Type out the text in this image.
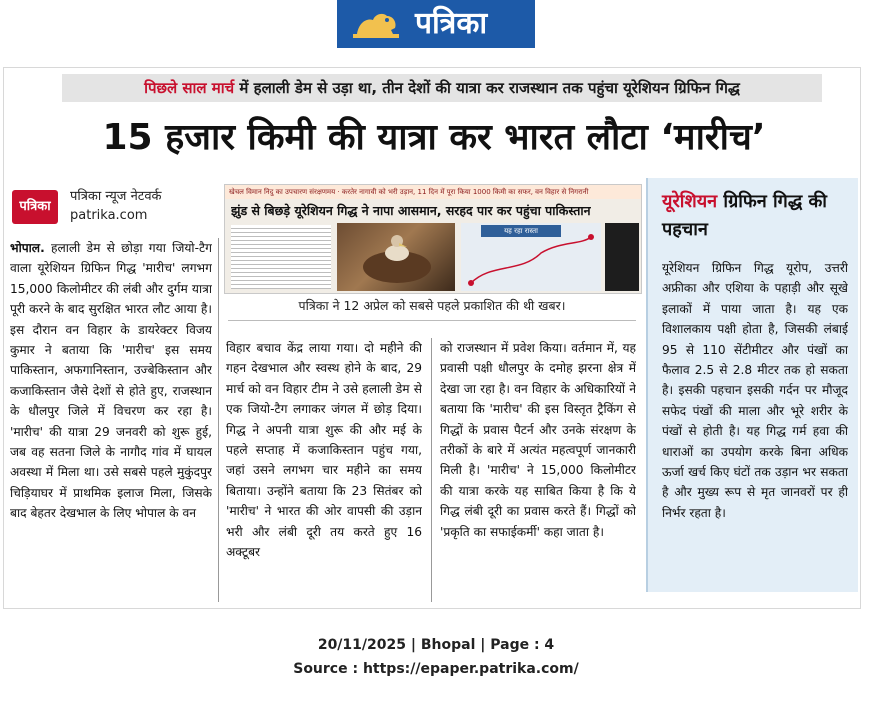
पत्रिका
पिछले साल मार्च में हलाली डेम से उड़ा था, तीन देशों की यात्रा कर राजस्थान तक पहुंचा यूरेशियन ग्रिफिन गिद्ध
15 हजार किमी की यात्रा कर भारत लौटा ‘मारीच’
पत्रिका
पत्रिका न्यूज नेटवर्क
patrika.com
भोपाल. हलाली डेम से छोड़ा गया जियो-टैग वाला यूरेशियन ग्रिफिन गिद्ध 'मारीच' लगभग 15,000 किलोमीटर की लंबी और दुर्गम यात्रा पूरी करने के बाद सुरक्षित भारत लौट आया है। इस दौरान वन विहार के डायरेक्टर विजय कुमार ने बताया कि 'मारीच' इस समय पाकिस्तान, अफगानिस्तान, उज्बेकिस्तान और कजाकिस्तान जैसे देशों से होते हुए, राजस्थान के धौलपुर जिले में विचरण कर रहा है। 'मारीच' की यात्रा 29 जनवरी को शुरू हुई, जब वह सतना जिले के नागौद गांव में घायल अवस्था में मिला था। उसे सबसे पहले मुकुंदपुर चिड़ियाघर में प्राथमिक इलाज मिला, जिसके बाद बेहतर देखभाल के लिए भोपाल के वन
खेचल विमान निदु का उपचारण संरक्षणमय · करतेर नागावी को भरी उड़ान, 11 दिन में पूरा किया 1000 किमी का सफर, वन विहार से निगरानी
झुंड से बिछड़े यूरेशियन गिद्ध ने नापा आसमान, सरहद पार कर पहुंचा पाकिस्तान
यह रहा रास्ता
पत्रिका ने 12 अप्रेल को सबसे पहले प्रकाशित की थी खबर।
विहार बचाव केंद्र लाया गया। दो महीने की गहन देखभाल और स्वस्थ होने के बाद, 29 मार्च को वन विहार टीम ने उसे हलाली डेम से एक जियो-टैग लगाकर जंगल में छोड़ दिया। गिद्ध ने अपनी यात्रा शुरू की और मई के पहले सप्ताह में कजाकिस्तान पहुंच गया, जहां उसने लगभग चार महीने का समय बिताया। उन्होंने बताया कि 23 सितंबर को 'मारीच' ने भारत की ओर वापसी की उड़ान भरी और लंबी दूरी तय करते हुए 16 अक्टूबर
को राजस्थान में प्रवेश किया। वर्तमान में, यह प्रवासी पक्षी धौलपुर के दमोह झरना क्षेत्र में देखा जा रहा है। वन विहार के अधिकारियों ने बताया कि 'मारीच' की इस विस्तृत ट्रैकिंग से गिद्धों के प्रवास पैटर्न और उनके संरक्षण के तरीकों के बारे में अत्यंत महत्वपूर्ण जानकारी मिली है। 'मारीच' ने 15,000 किलोमीटर की यात्रा करके यह साबित किया है कि ये गिद्ध लंबी दूरी का प्रवास करते हैं। गिद्धों को 'प्रकृति का सफाईकर्मी' कहा जाता है।
यूरेशियन ग्रिफिन गिद्ध की पहचान
यूरेशियन ग्रिफिन गिद्ध यूरोप, उत्तरी अफ्रीका और एशिया के पहाड़ी और सूखे इलाकों में पाया जाता है। यह एक विशालकाय पक्षी होता है, जिसकी लंबाई 95 से 110 सेंटीमीटर और पंखों का फैलाव 2.5 से 2.8 मीटर तक हो सकता है। इसकी पहचान इसकी गर्दन पर मौजूद सफेद पंखों की माला और भूरे शरीर के पंखों से होती है। यह गिद्ध गर्म हवा की धाराओं का उपयोग करके बिना अधिक ऊर्जा खर्च किए घंटों तक उड़ान भर सकता है और मुख्य रूप से मृत जानवरों पर ही निर्भर रहता है।
20/11/2025 | Bhopal | Page : 4
Source : https://epaper.patrika.com/
